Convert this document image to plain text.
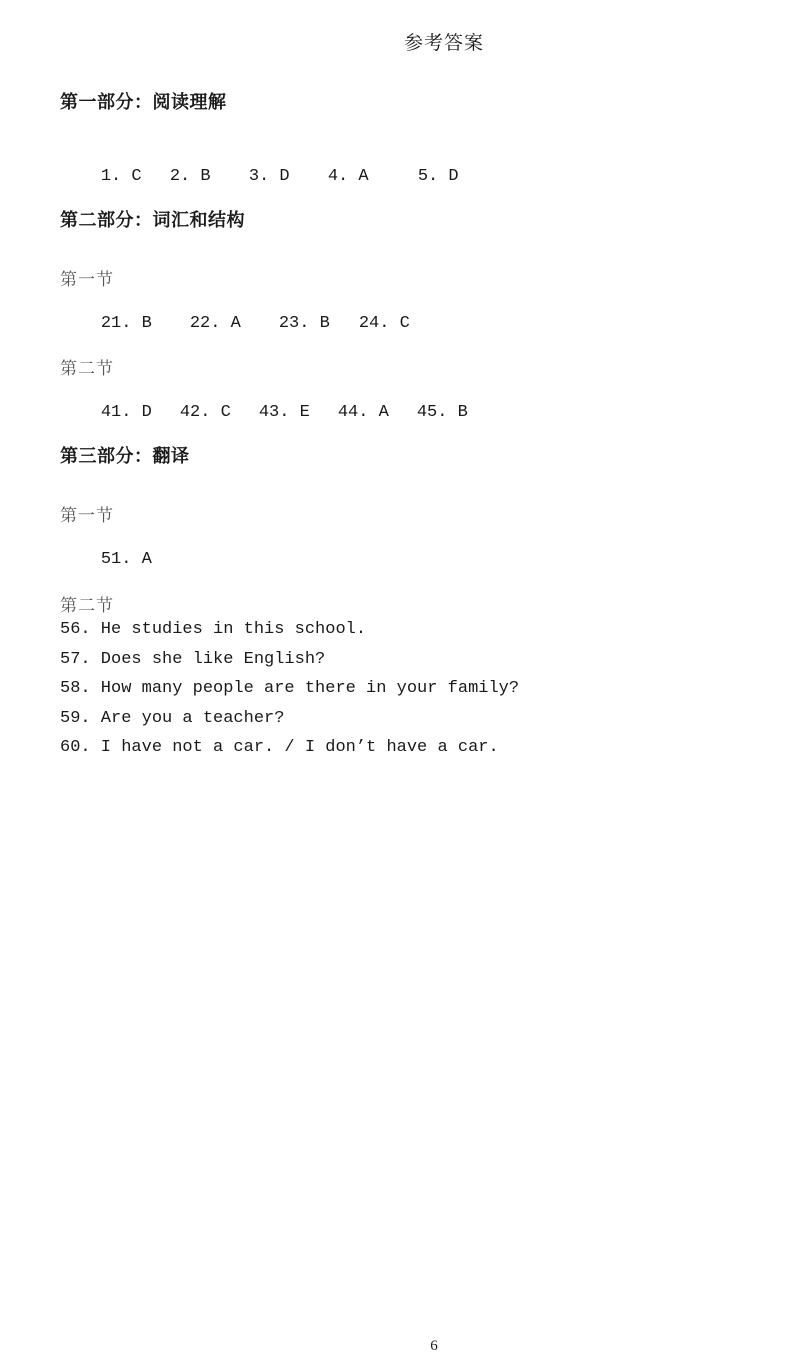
参考答案
第一部分：阅读理解

1. C 2. B 3. D 4. A	5. D

第二部分：词汇和结构
第一节

21. B 22. A 23. B 24. C

第二节

41. D 42. C 43. E 44. A 45. B

第三部分：翻译
第一节

51. A

第二节
56. He studies in this school.
57. Does she like English?
58. How many people are there in your family?
59. Are you a teacher?
60. I have not a car. / I don’t have a car.
6
